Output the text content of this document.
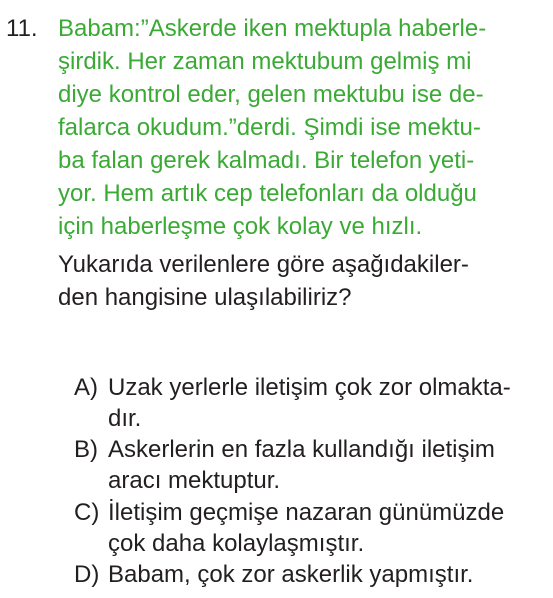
11. Babam:”Askerde iken mektupla haberle-
şirdik. Her zaman mektubum gelmiş mi
diye kontrol eder, gelen mektubu ise de-
falarca okudum.”derdi. Şimdi ise mektu-
ba falan gerek kalmadı. Bir telefon yeti-
yor. Hem artık cep telefonları da olduğu
için haberleşme çok kolay ve hızlı.
Yukarıda verilenlere göre aşağıdakiler-
den hangisine ulaşılabiliriz?
A) Uzak yerlerle iletişim çok zor olmakta-
dır.
B) Askerlerin en fazla kullandığı iletişim
aracı mektuptur.
C) İletişim geçmişe nazaran günümüzde
çok daha kolaylaşmıştır.
D) Babam, çok zor askerlik yapmıştır.
